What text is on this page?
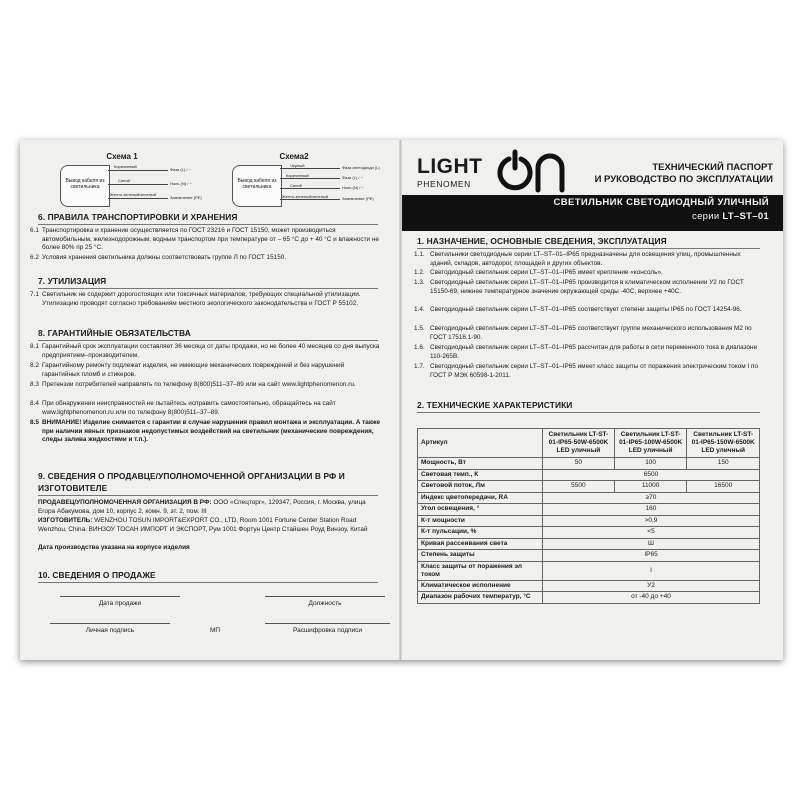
Схема 1
Вывод кабеля из светильника
Коричневый
Фаза (L) / ~
Синий
Ноль (N) / ~
Желто-зеленый/зеленый
Заземление (PE)
Схема2
Вывод кабеля из светильника
Черный	Фаза светодиода (L)
Коричневый	Фаза (L) / ~
Синий	Ноль (N) / ~
Желто-зеленый/зеленый	Заземление (PE)
6. ПРАВИЛА ТРАНСПОРТИРОВКИ И ХРАНЕНИЯ
6.1 Транспортировка и хранение осуществляется по ГОСТ 23216 и ГОСТ 15150, может производиться автомобильным, железнодорожным, водным транспортом при температуре от – 65 °С до + 40 °С и влажности не более 80% пр 25 °С.
6.2 Условия хранения светильника должны соответствовать группе Л по ГОСТ 15150.
7. УТИЛИЗАЦИЯ
7.1 Светильник не содержит дорогостоящих или токсичных материалов, требующих специальной утилизации. Утилизацию проводят согласно требованиям местного экологического законодательства и ГОСТ Р 55102.
8. ГАРАНТИЙНЫЕ ОБЯЗАТЕЛЬСТВА
8.1 Гарантийный срок эксплуатации составляет 36 месяца от даты продажи, но не более 40 месяцев со дня выпуска предприятием–производителем.
8.2 Гарантийному ремонту подлежат изделия, не имеющие механических повреждений и без нарушений гарантийных пломб и стикеров.
8.3 Претензии потребителей направлять по телефону 8(800)511–37–89 или на сайт www.lightphenomenon.ru.
8.4 При обнаружении неисправностей не пытайтесь исправить самостоятельно, обращайтесь на сайт www.lightphenomenon.ru или по телефону 8(800)511–37–89.
8.5 ВНИМАНИЕ! Изделие снимается с гарантии в случае нарушения правил монтажа и эксплуатации. А также при наличии явных признаков недопустимых воздействий на светильник (механические повреждения, следы залива жидкостями и т.п.).
9. СВЕДЕНИЯ О ПРОДАВЦЕ/УПОЛНОМОЧЕННОЙ ОРГАНИЗАЦИИ В РФ И ИЗГОТОВИТЕЛЕ
ПРОДАВЕЦ/УПОЛНОМОЧЕННАЯ ОРГАНИЗАЦИЯ В РФ: ООО «Спецторг», 129347, Россия, г. Москва, улица Егора Абакумова, дом 10, корпус 2, комн. 9, эт. 2, пом. III
ИЗГОТОВИТЕЛЬ: WENZHOU TOSUN IMPORT&EXPORT CO., LTD, Room 1001 Fortune Center Station Road Wenzhou, China. ВИНЗОУ ТОСАН ИМПОРТ И ЭКСПОРТ, Рум 1001 Фортун Центр Стайшен Роуд Винзоу, Китай
Дата производства указана на корпусе изделия
10. СВЕДЕНИЯ О ПРОДАЖЕ
Дата продажи	Должность
Личная подпись	МП	Расшифровка подписи
LIGHT
PHENOMEN
ТЕХНИЧЕСКИЙ ПАСПОРТ
И РУКОВОДСТВО ПО ЭКСПЛУАТАЦИИ
СВЕТИЛЬНИК СВЕТОДИОДНЫЙ УЛИЧНЫЙ
серии LT–ST–01
1. НАЗНАЧЕНИЕ, ОСНОВНЫЕ СВЕДЕНИЯ, ЭКСПЛУАТАЦИЯ
1.1. Светильники светодиодные серии LT–ST–01–IP65 предназначены для освещения улиц, промышленных зданий, складов, автодорог, площадей и других объектов.
1.2. Светодиодный светильник серии LT–ST–01–IP65 имеет крепление «консоль».
1.3. Светодиодный светильник серии LT–ST–01–IP65 производится в климатическом исполнении У2 по ГОСТ 15150-69, нижнее температурное значение окружающей среды -40С, верхнее +40С.
1.4. Светодиодный светильник серии LT–ST–01–IP65 соответствует степени защиты IP65 по ГОСТ 14254-96.
1.5. Светодиодный светильник серии LT–ST–01–IP65 соответствует группе механического использования М2 по ГОСТ 17516.1-90.
1.6. Светодиодный светильник серии LT–ST–01–IP65 рассчитан для работы в сети переменного тока в диапазоне 110-265В.
1.7. Светодиодный светильник серии LT–ST–01–IP65 имеет класс защиты от поражения электрическим током I по ГОСТ Р МЭК 60598-1-2011.
2. ТЕХНИЧЕСКИЕ ХАРАКТЕРИСТИКИ
Артикул	Светильник LT-ST-01-IP65-50W-6500K LED уличный	Светильник LT-ST-01-IP65-100W-6500K LED уличный	Светильник LT-ST-01-IP65-150W-6500K LED уличный
Мощность, Вт	50	100	150
Световая темп., К	6500		
Световой поток, Лм	5500	11000	16500
Индекс цветопередачи, RA	≥70		
Угол освещения, °	160		
К-т мощности	>0,9		
К-т пульсации, %	<5		
Кривая рассеивания света	Ш		
Степень защиты	IP65		
Класс защиты от поражения эл током	I		
Климатическое исполнение	У2		
Диапазон рабочих температур, °С	от -40 до +40		
